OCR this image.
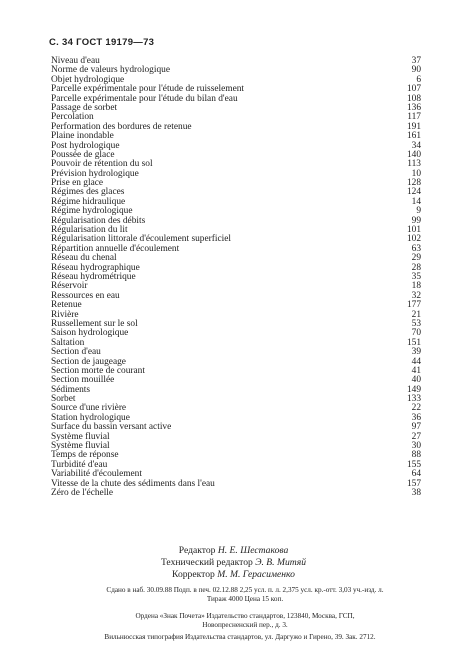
С. 34 ГОСТ 19179—73
Niveau d'eau	37
Norme de valeurs hydrologique	90
Objet hydrologique	6
Parcelle expérimentale pour l'étude de ruisselement	107
Parcelle expérimentale pour l'étude du bilan d'eau	108
Passage de sorbet	136
Percolation	117
Performation des bordures de retenue	191
Plaine inondable	161
Post hydrologique	34
Poussée de glace	140
Pouvoir de rétention du sol	113
Prévision hydrologique	10
Prise en glace	128
Régimes des glaces	124
Régime hidraulique	14
Régime hydrologique	9
Régularisation des débits	99
Régularisation du lit	101
Régularisation littorale d'écoulement superficiel	102
Répartition annuelle d'écoulement	63
Réseau du chenal	29
Réseau hydrographique	28
Réseau hydrométrique	35
Réservoir	18
Ressources en eau	32
Retenue	177
Rivière	21
Russellement sur le sol	53
Saison hydrologique	70
Saltation	151
Section d'eau	39
Section de jaugeage	44
Section morte de courant	41
Section mouillée	40
Sédiments	149
Sorbet	133
Source d'une rivière	22
Station hydrologique	36
Surface du bassin versant active	97
Système fluvial	27
Système fluvial	30
Temps de réponse	88
Turbidité d'eau	155
Variabilité d'écoulement	64
Vitesse de la chute des sédiments dans l'eau	157
Zéro de l'échelle	38
Редактор Н. Е. Шестакова
Технический редактор Э. В. Митяй
Корректор М. М. Герасименко
Сдано в наб. 30.09.88 Подп. в печ. 02.12.88 2,25 усл. п. л. 2,375 усл. кр.-отт. 3,03 уч.-изд. л.
Тираж 4000 Цена 15 коп.
Ордена «Знак Почета» Издательство стандартов, 123840, Москва, ГСП,
Новопресненский пер., д. 3.
Вильнюсская типография Издательства стандартов, ул. Даргужо и Гирено, 39. Зак. 2712.
